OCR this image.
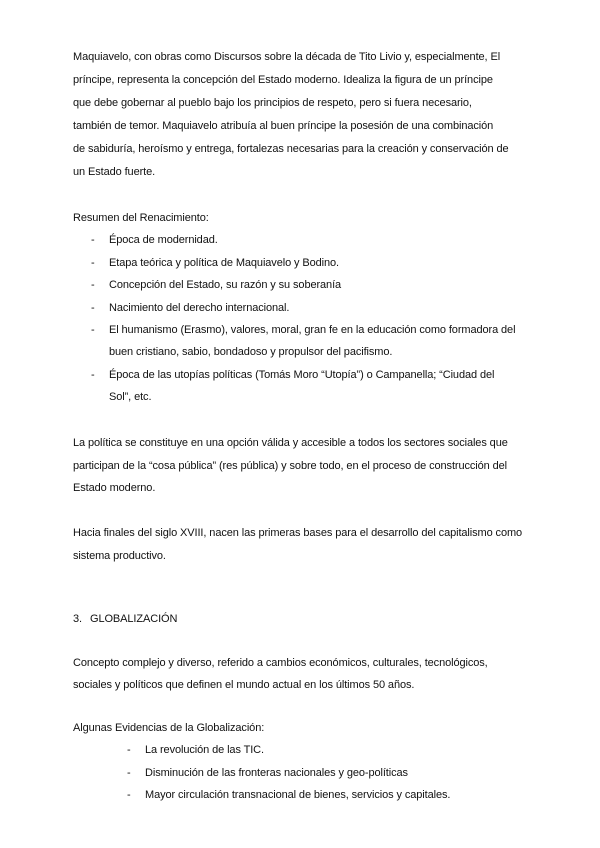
Maquiavelo, con obras como Discursos sobre la década de Tito Livio y, especialmente, El
príncipe, representa la concepción del Estado moderno. Idealiza la figura de un príncipe
que debe gobernar al pueblo bajo los principios de respeto, pero si fuera necesario,
también de temor. Maquiavelo atribuía al buen príncipe la posesión de una combinación
de sabiduría, heroísmo y entrega, fortalezas necesarias para la creación y conservación de
un Estado fuerte.
Resumen del Renacimiento:
- Época de modernidad.
- Etapa teórica y política de Maquiavelo y Bodino.
- Concepción del Estado, su razón y su soberanía
- Nacimiento del derecho internacional.
- El humanismo (Erasmo), valores, moral, gran fe en la educación como formadora del
buen cristiano, sabio, bondadoso y propulsor del pacifismo.
- Época de las utopías políticas (Tomás Moro “Utopía”) o Campanella; “Ciudad del
Sol”, etc.
La política se constituye en una opción válida y accesible a todos los sectores sociales que
participan de la “cosa pública” (res pública) y sobre todo, en el proceso de construcción del
Estado moderno.
Hacia finales del siglo XVIII, nacen las primeras bases para el desarrollo del capitalismo como
sistema productivo.
3. GLOBALIZACIÓN
Concepto complejo y diverso, referido a cambios económicos, culturales, tecnológicos,
sociales y políticos que definen el mundo actual en los últimos 50 años.
Algunas Evidencias de la Globalización:
- La revolución de las TIC.
- Disminución de las fronteras nacionales y geo-políticas
- Mayor circulación transnacional de bienes, servicios y capitales.
